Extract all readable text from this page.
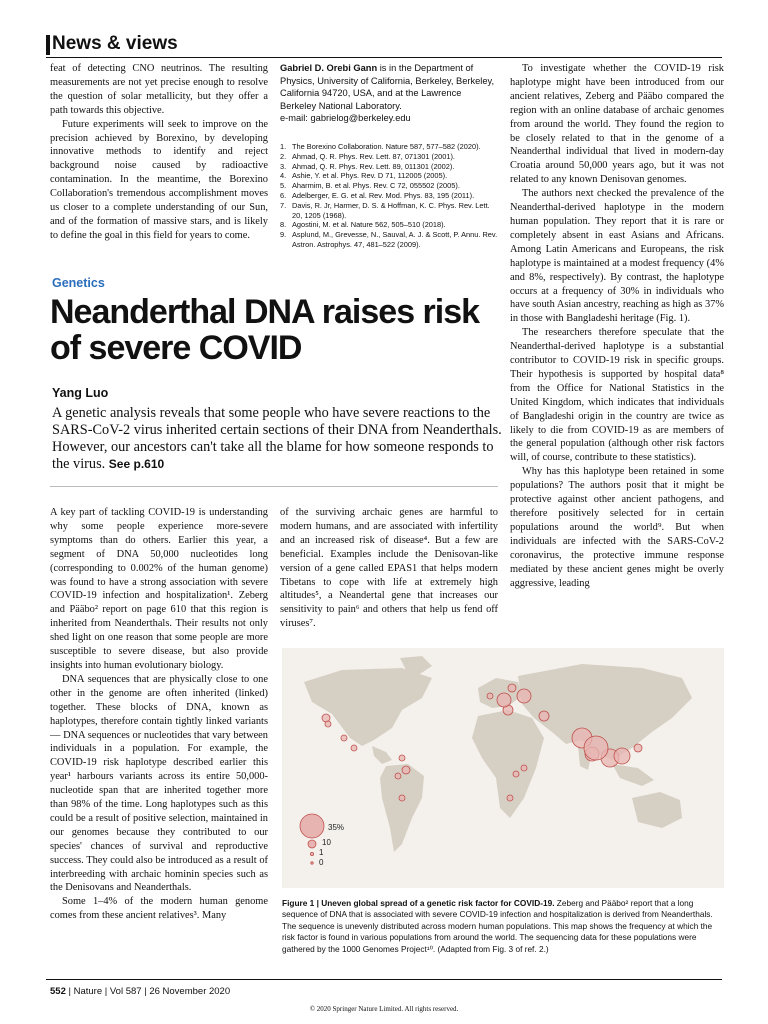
News & views

feat of detecting CNO neutrinos. The resulting measurements are not yet precise enough to resolve the question of solar metallicity, but they offer a path towards this objective.

Future experiments will seek to improve on the precision achieved by Borexino, by developing innovative methods to identify and reject background noise caused by radioactive contamination. In the meantime, the Borexino Collaboration's tremendous accomplishment moves us closer to a complete understanding of our Sun, and of the formation of massive stars, and is likely to define the goal in this field for years to come.

Gabriel D. Orebi Gann is in the Department of Physics, University of California, Berkeley, Berkeley, California 94720, USA, and at the Lawrence Berkeley National Laboratory.
e-mail: gabrielog@berkeley.edu
1. The Borexino Collaboration. Nature 587, 577–582 (2020).
2. Ahmad, Q. R. Phys. Rev. Lett. 87, 071301 (2001).
3. Ahmad, Q. R. Phys. Rev. Lett. 89, 011301 (2002).
4. Ashie, Y. et al. Phys. Rev. D 71, 112005 (2005).
5. Aharmim, B. et al. Phys. Rev. C 72, 055502 (2005).
6. Adelberger, E. G. et al. Rev. Mod. Phys. 83, 195 (2011).
7. Davis, R. Jr, Harmer, D. S. & Hoffman, K. C. Phys. Rev. Lett. 20, 1205 (1968).
8. Agostini, M. et al. Nature 562, 505–510 (2018).
9. Asplund, M., Grevesse, N., Sauval, A. J. & Scott, P. Annu. Rev. Astron. Astrophys. 47, 481–522 (2009).

To investigate whether the COVID-19 risk haplotype might have been introduced from our ancient relatives, Zeberg and Pääbo compared the region with an online database of archaic genomes from around the world. They found the region to be closely related to that in the genome of a Neanderthal individual that lived in modern-day Croatia around 50,000 years ago, but it was not related to any known Denisovan genomes.

The authors next checked the prevalence of the Neanderthal-derived haplotype in the modern human population. They report that it is rare or completely absent in east Asians and Africans. Among Latin Americans and Europeans, the risk haplotype is maintained at a modest frequency (4% and 8%, respectively). By contrast, the haplotype occurs at a frequency of 30% in individuals who have south Asian ancestry, reaching as high as 37% in those with Bangladeshi heritage (Fig. 1).

The researchers therefore speculate that the Neanderthal-derived haplotype is a substantial contributor to COVID-19 risk in specific groups. Their hypothesis is supported by hospital data⁸ from the Office for National Statistics in the United Kingdom, which indicates that individuals of Bangladeshi origin in the country are twice as likely to die from COVID-19 as are members of the general population (although other risk factors will, of course, contribute to these statistics).

Why has this haplotype been retained in some populations? The authors posit that it might be protective against other ancient pathogens, and therefore positively selected for in certain populations around the world⁹. But when individuals are infected with the SARS-CoV-2 coronavirus, the protective immune response mediated by these ancient genes might be overly aggressive, leading

Genetics
Neanderthal DNA raises risk of severe COVID
Yang Luo
A genetic analysis reveals that some people who have severe reactions to the SARS-CoV-2 virus inherited certain sections of their DNA from Neanderthals. However, our ancestors can't take all the blame for how someone responds to the virus. See p.610

A key part of tackling COVID-19 is understanding why some people experience more-severe symptoms than do others. Earlier this year, a segment of DNA 50,000 nucleotides long (corresponding to 0.002% of the human genome) was found to have a strong association with severe COVID-19 infection and hospitalization¹. Zeberg and Pääbo² report on page 610 that this region is inherited from Neanderthals. Their results not only shed light on one reason that some people are more susceptible to severe disease, but also provide insights into human evolutionary biology.

DNA sequences that are physically close to one other in the genome are often inherited (linked) together. These blocks of DNA, known as haplotypes, therefore contain tightly linked variants — DNA sequences or nucleotides that vary between individuals in a population. For example, the COVID-19 risk haplotype described earlier this year¹ harbours variants across its entire 50,000-nucleotide span that are inherited together more than 98% of the time. Long haplotypes such as this could be a result of positive selection, maintained in our genomes because they contributed to our species' chances of survival and reproductive success. They could also be introduced as a result of interbreeding with archaic hominin species such as the Denisovans and Neanderthals.

Some 1–4% of the modern human genome comes from these ancient relatives³. Many

of the surviving archaic genes are harmful to modern humans, and are associated with infertility and an increased risk of disease⁴. But a few are beneficial. Examples include the Denisovan-like version of a gene called EPAS1 that helps modern Tibetans to cope with life at extremely high altitudes⁵, a Neandertal gene that increases our sensitivity to pain⁶ and others that help us fend off viruses⁷.

35%
10
1
0
Figure 1 | Uneven global spread of a genetic risk factor for COVID-19. Zeberg and Pääbo² report that a long sequence of DNA that is associated with severe COVID-19 infection and hospitalization is derived from Neanderthals. The sequence is unevenly distributed across modern human populations. This map shows the frequency at which the risk factor is found in various populations from around the world. The sequencing data for these populations were gathered by the 1000 Genomes Project¹⁰. (Adapted from Fig. 3 of ref. 2.)
552 | Nature | Vol 587 | 26 November 2020
© 2020 Springer Nature Limited. All rights reserved.
